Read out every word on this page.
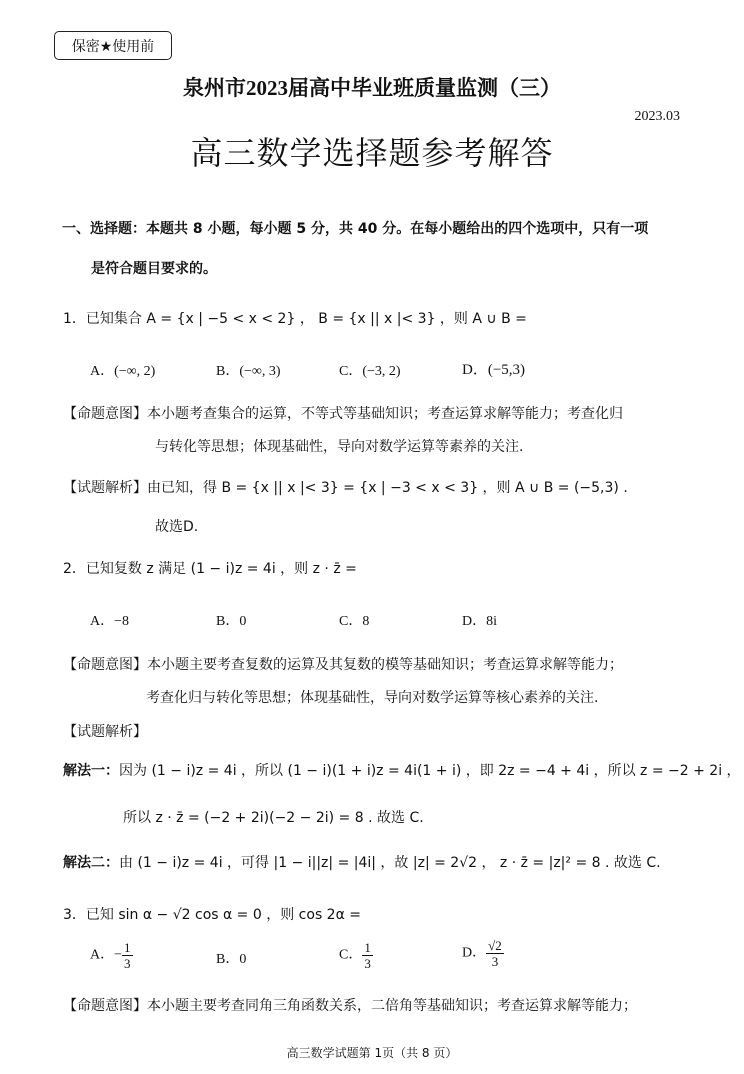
保密★使用前
泉州市2023届高中毕业班质量监测（三）
2023.03
高三数学选择题参考解答
一、选择题：本题共 8 小题，每小题 5 分，共 40 分。在每小题给出的四个选项中，只有一项
是符合题目要求的。
1．已知集合 A = {x | −5 < x < 2} ， B = {x || x |< 3} ，则 A ∪ B =
A．(−∞, 2)	B．(−∞, 3)	C．(−3, 2)	D．(−5,3)
【命题意图】本小题考查集合的运算，不等式等基础知识；考查运算求解等能力；考查化归
与转化等思想；体现基础性，导向对数学运算等素养的关注.
【试题解析】由已知，得 B = {x || x |< 3} = {x | −3 < x < 3} ，则 A ∪ B = (−5,3) .
故选D.
2．已知复数 z 满足 (1 − i)z = 4i ，则 z · z̄ =
A．−8	B．0	C．8	D．8i
【命题意图】本小题主要考查复数的运算及其复数的模等基础知识；考查运算求解等能力；
考查化归与转化等思想；体现基础性，导向对数学运算等核心素养的关注.
【试题解析】
解法一：因为 (1 − i)z = 4i ，所以 (1 − i)(1 + i)z = 4i(1 + i) ，即 2z = −4 + 4i ，所以 z = −2 + 2i ，
所以 z · z̄ = (−2 + 2i)(−2 − 2i) = 8 . 故选 C.
解法二：由 (1 − i)z = 4i ，可得 |1 − i||z| = |4i| ，故 |z| = 2√2 ， z · z̄ = |z|² = 8 . 故选 C.
3．已知 sin α − √2 cos α = 0 ，则 cos 2α =
A．− $\frac{1}{3}$	B．0	C． $\frac{1}{3}$	D． $\frac{√2}{3}$
【命题意图】本小题主要考查同角三角函数关系，二倍角等基础知识；考查运算求解等能力；
高三数学试题第 1页（共 8 页）
